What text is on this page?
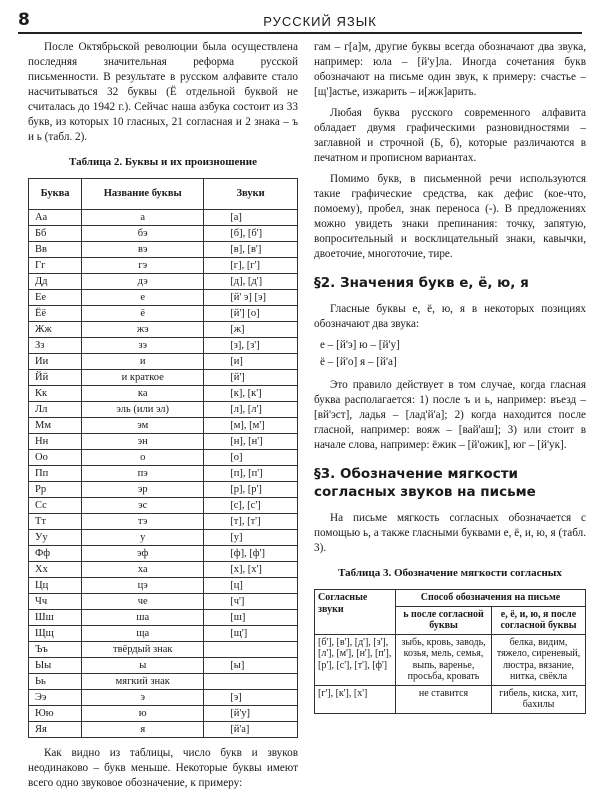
8	РУССКИЙ ЯЗЫК

После Октябрьской революции была осуществлена последняя значительная реформа русской письменности. В результате в русском алфавите стало насчитываться 32 буквы (Ё отдельной буквой не считалась до 1942 г.). Сейчас наша азбука состоит из 33 букв, из которых 10 гласных, 21 согласная и 2 знака – ъ и ь (табл. 2).

Таблица 2. Буквы и их произношение
Буква	Название буквы	Звуки
Аа	а	[а]
Бб	бэ	[б], [б']
Вв	вэ	[в], [в']
Гг	гэ	[г], [г']
Дд	дэ	[д], [д']
Ее	е	[й' э] [э]
Ёё	ё	[й'] [о]
Жж	жэ	[ж]
Зз	зэ	[з], [з']
Ии	и	[и]
Йй	и краткое	[й']
Кк	ка	[к], [к']
Лл	эль (или эл)	[л], [л']
Мм	эм	[м], [м']
Нн	эн	[н], [н']
Оо	о	[о]
Пп	пэ	[п], [п']
Рр	эр	[р], [р']
Сс	эс	[с], [с']
Тт	тэ	[т], [т']
Уу	у	[у]
Фф	эф	[ф], [ф']
Хх	ха	[х], [х']
Цц	цэ	[ц]
Чч	че	[ч']
Шш	ша	[ш]
Щщ	ща	[щ']
Ъъ	твёрдый знак	
Ыы	ы	[ы]
Ьь	мягкий знак	
Ээ	э	[э]
Юю	ю	[й'у]
Яя	я	[й'а]

Как видно из таблицы, число букв и звуков неодинаково – букв меньше. Некоторые буквы имеют всего одно звуковое обозначение, к примеру:

гам – г[а]м, другие буквы всегда обозначают два звука, например: юла – [й'у]ла. Иногда сочетания букв обозначают на письме один звук, к примеру: счастье – [щ']астье, изжарить – и[жж]арить.

Любая буква русского современного алфавита обладает двумя графическими разновидностями – заглавной и строчной (Б, б), которые различаются в печатном и прописном вариантах.

Помимо букв, в письменной речи используются такие графические средства, как дефис (кое-что, помоему), пробел, знак переноса (-). В предложениях можно увидеть знаки препинания: точку, запятую, вопросительный и восклицательный знаки, кавычки, двоеточие, многоточие, тире.

§2. Значения букв е, ё, ю, я

Гласные буквы е, ё, ю, я в некоторых позициях обозначают два звука:

е – [й'э] ю – [й'у]

ё – [й'о] я – [й'а]

Это правило действует в том случае, когда гласная буква располагается: 1) после ъ и ь, например: въезд – [вй'эст], ладья – [лад'й'а]; 2) когда находится после гласной, например: вояж – [вай'аш]; 3) или стоит в начале слова, например: ёжик – [й'ожик], юг – [й'ук].

§3. Обозначение мягкости согласных звуков на письме

На письме мягкость согласных обозначается с помощью ь, а также гласными буквами е, ё, и, ю, я (табл. 3).

Таблица 3. Обозначение мягкости согласных
Согласные звуки	Способ обозначения на письме	
	ь после согласной буквы	е, ё, и, ю, я после согласной буквы
[б'], [в'], [д'], [з'], [л'], [м'], [н'], [п'], [р'], [с'], [т'], [ф']	зыбь, кровь, заводь, козья, мель, семья, выпь, варенье, просьба, кровать	белка, видим, тяжело, сиреневый, люстра, вязание, нитка, свёкла
[г'], [к'], [х']	не ставится	гибель, киска, хит, бахилы
